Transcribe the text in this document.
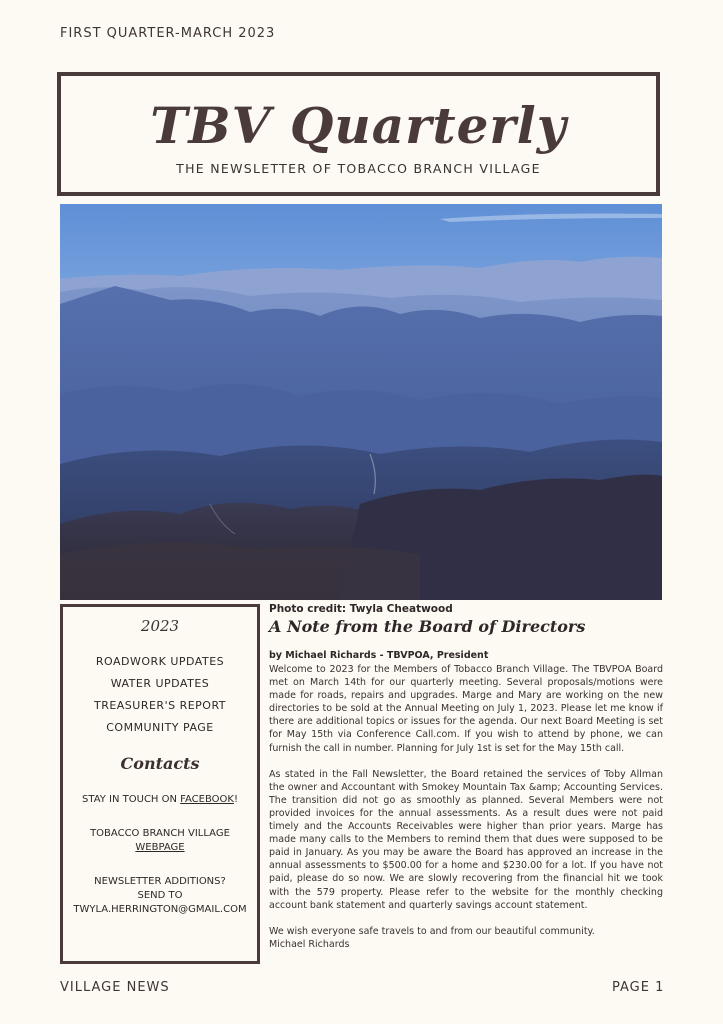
FIRST QUARTER-MARCH 2023
TBV Quarterly
THE NEWSLETTER OF TOBACCO BRANCH VILLAGE
2023
ROADWORK UPDATES
WATER UPDATES
TREASURER'S REPORT
COMMUNITY PAGE
Contacts
STAY IN TOUCH ON FACEBOOK!
TOBACCO BRANCH VILLAGE
WEBPAGE
NEWSLETTER ADDITIONS?
SEND TO
TWYLA.HERRINGTON@GMAIL.COM
Photo credit: Twyla Cheatwood
A Note from the Board of Directors
by Michael Richards - TBVPOA, President

Welcome to 2023 for the Members of Tobacco Branch Village. The TBVPOA Board met on March 14th for our quarterly meeting. Several proposals/motions were made for roads, repairs and upgrades. Marge and Mary are working on the new directories to be sold at the Annual Meeting on July 1, 2023. Please let me know if there are additional topics or issues for the agenda. Our next Board Meeting is set for May 15th via Conference Call.com. If you wish to attend by phone, we can furnish the call in number. Planning for July 1st is set for the May 15th call.

As stated in the Fall Newsletter, the Board retained the services of Toby Allman the owner and Accountant with Smokey Mountain Tax &amp; Accounting Services. The transition did not go as smoothly as planned. Several Members were not provided invoices for the annual assessments. As a result dues were not paid timely and the Accounts Receivables were higher than prior years. Marge has made many calls to the Members to remind them that dues were supposed to be paid in January. As you may be aware the Board has approved an increase in the annual assessments to $500.00 for a home and $230.00 for a lot. If you have not paid, please do so now. We are slowly recovering from the financial hit we took with the 579 property. Please refer to the website for the monthly checking account bank statement and quarterly savings account statement.

We wish everyone safe travels to and from our beautiful community.

Michael Richards
VILLAGE NEWS	PAGE 1
